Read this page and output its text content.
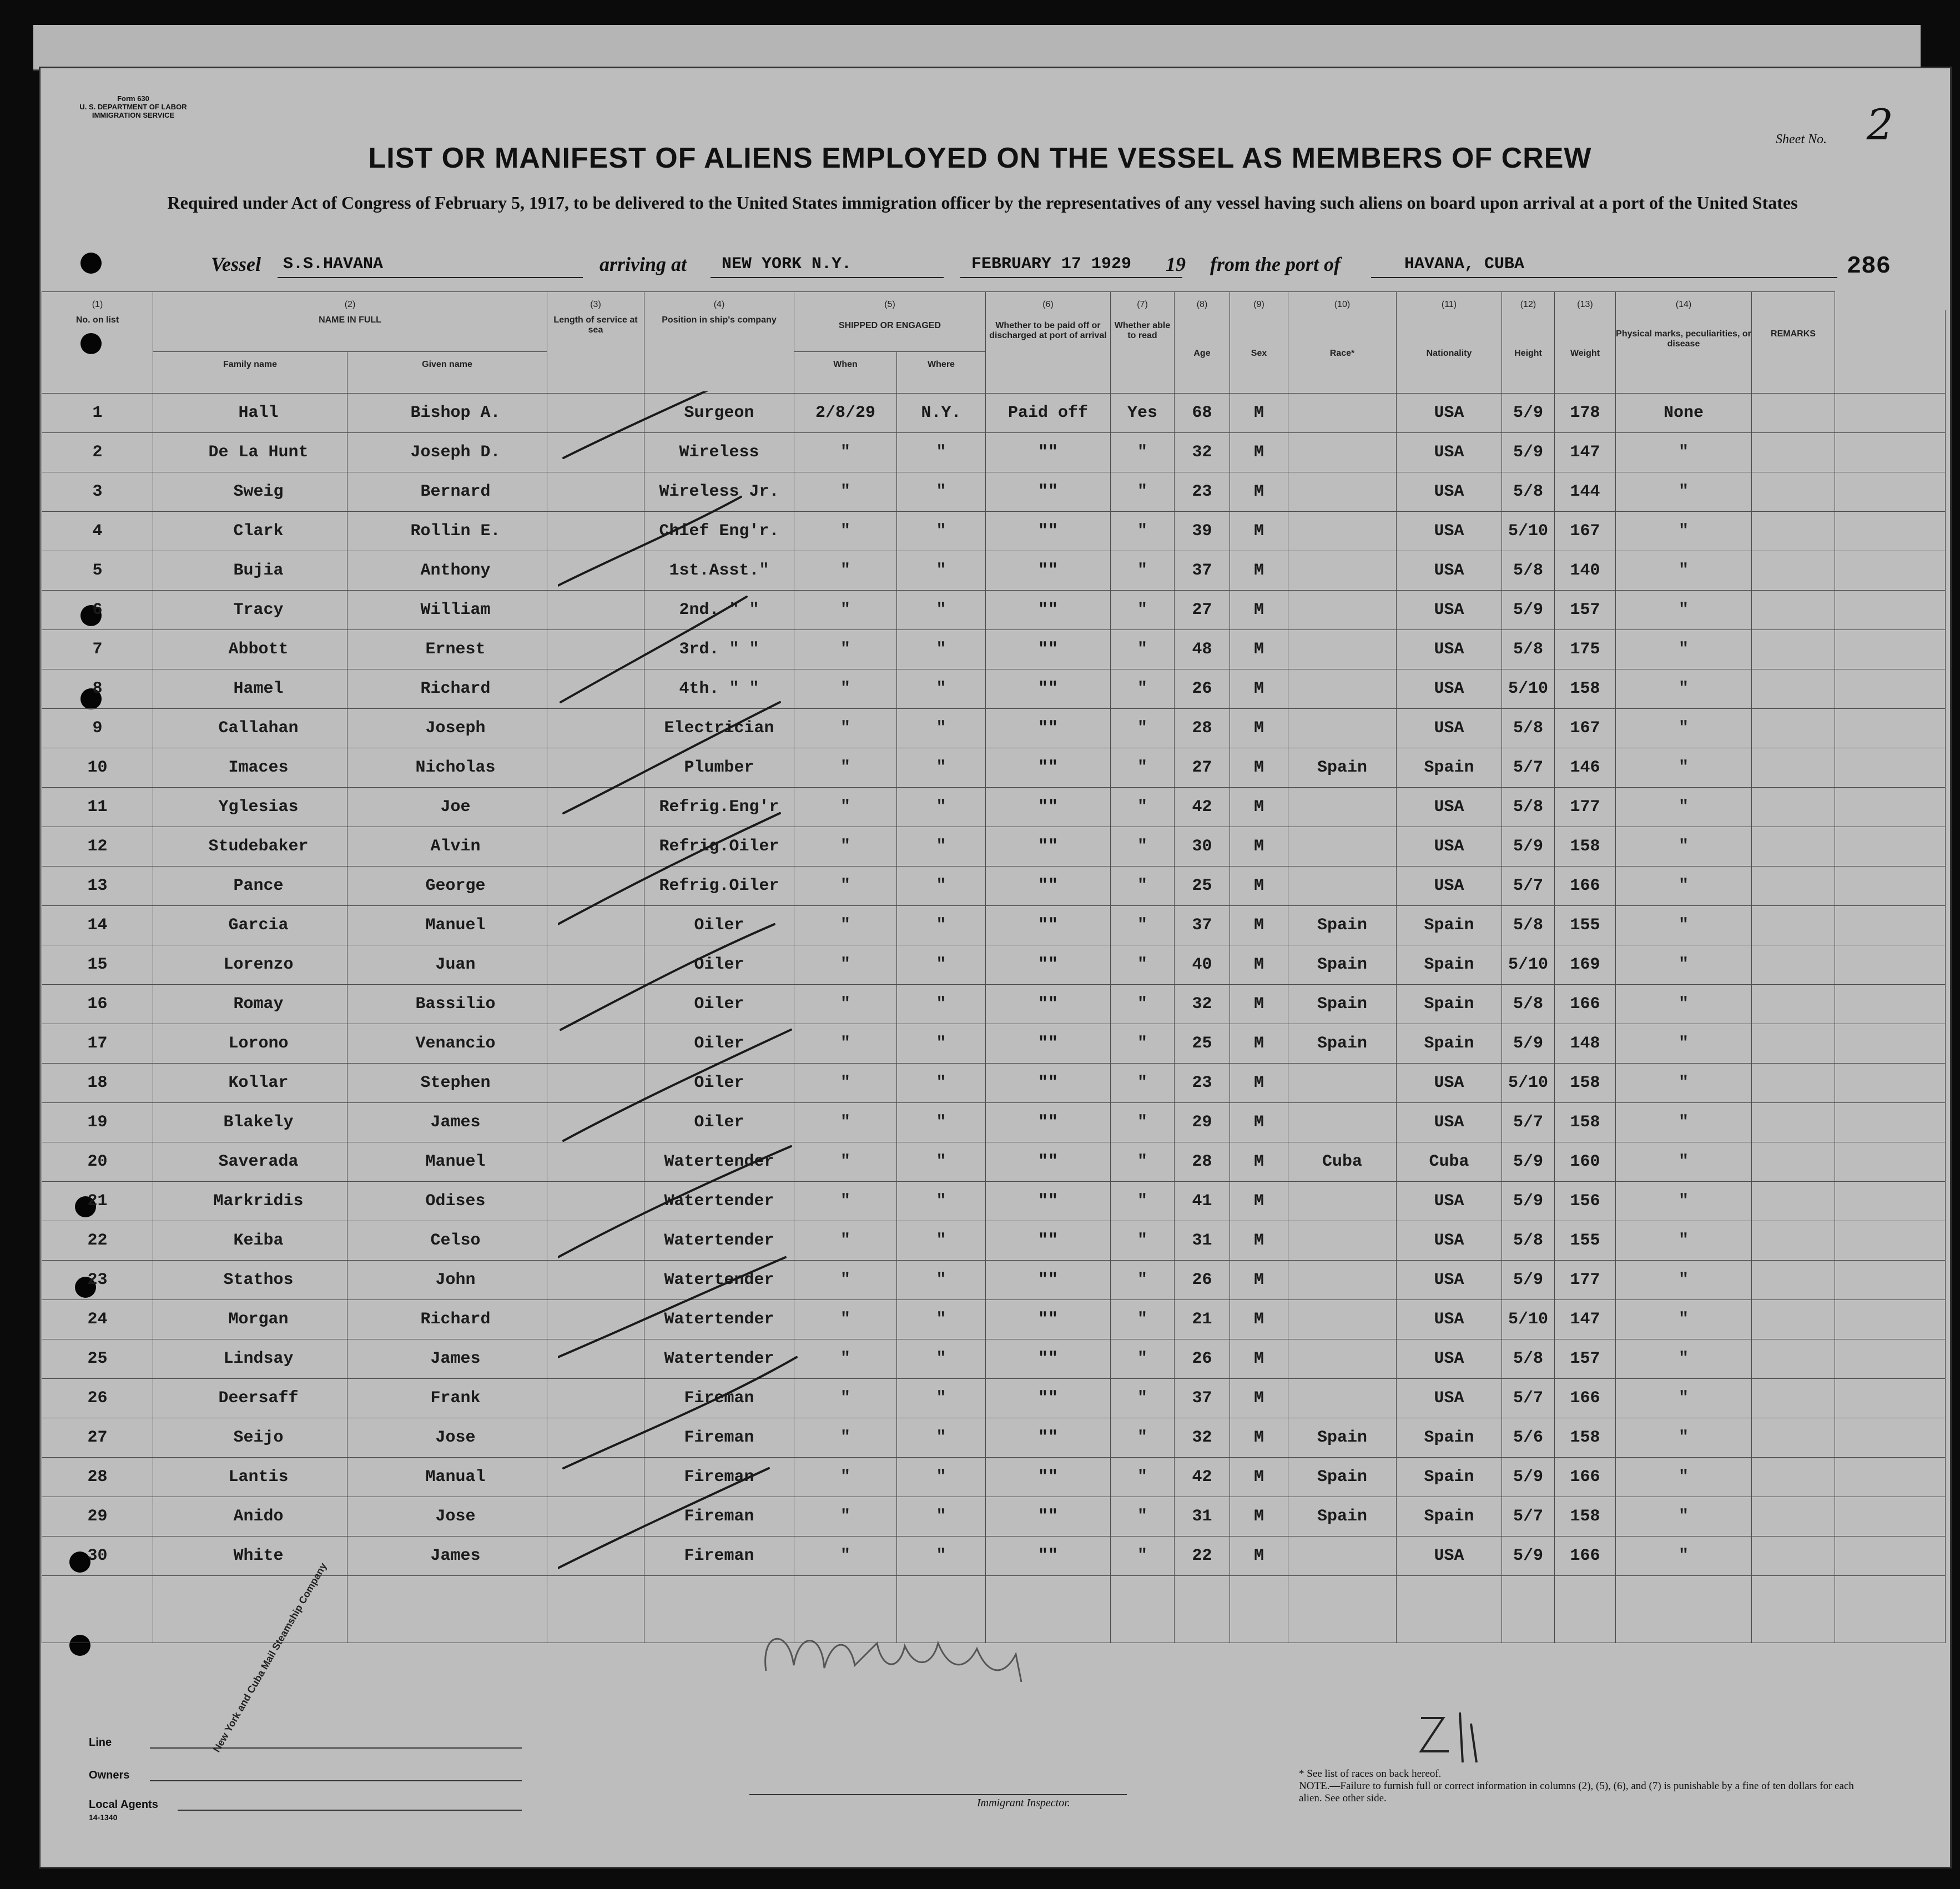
Form 630
U. S. DEPARTMENT OF LABOR
IMMIGRATION SERVICE
Sheet No. 2
LIST OR MANIFEST OF ALIENS EMPLOYED ON THE VESSEL AS MEMBERS OF CREW
Required under Act of Congress of February 5, 1917, to be delivered to the United States immigration officer by the representatives of any vessel having such aliens on board upon arrival at a port of the United States
Vessel S.S.HAVANA	arriving at NEW YORK N.Y.	FEBRUARY 17 1929 19 from the port of	HAVANA, CUBA	286
(1)	(2)		(3)	(4)	(5)		(6)	(7)	(8)	(9)	(10)	(11)	(12)	(13)	(14)		
No. on list	NAME IN FULL		Length of service at sea	Position in ship's company	SHIPPED OR ENGAGED		Whether to be paid off or discharged at port of arrival	Whether able to read	Age	Sex	Race*	Nationality	Height	Weight	Physical marks, peculiarities, or disease	REMARKS	
	Family name	Given name			When	Where											
1	Hall	Bishop A.		Surgeon	2/8/29	N.Y.	Paid off	Yes	68	M		USA	5/9	178	None		
2	De La Hunt	Joseph D.		Wireless	"	"	""	"	32	M		USA	5/9	147	"		
3	Sweig	Bernard		Wireless Jr.	"	"	""	"	23	M		USA	5/8	144	"		
4	Clark	Rollin E.		Chief Eng'r.	"	"	""	"	39	M		USA	5/10	167	"		
5	Bujia	Anthony		1st.Asst."	"	"	""	"	37	M		USA	5/8	140	"		
6	Tracy	William		2nd. " "	"	"	""	"	27	M		USA	5/9	157	"		
7	Abbott	Ernest		3rd. " "	"	"	""	"	48	M		USA	5/8	175	"		
8	Hamel	Richard		4th. " "	"	"	""	"	26	M		USA	5/10	158	"		
9	Callahan	Joseph		Electrician	"	"	""	"	28	M		USA	5/8	167	"		
10	Imaces	Nicholas		Plumber	"	"	""	"	27	M	Spain	Spain	5/7	146	"		
11	Yglesias	Joe		Refrig.Eng'r	"	"	""	"	42	M		USA	5/8	177	"		
12	Studebaker	Alvin		Refrig.Oiler	"	"	""	"	30	M		USA	5/9	158	"		
13	Pance	George		Refrig.Oiler	"	"	""	"	25	M		USA	5/7	166	"		
14	Garcia	Manuel		Oiler	"	"	""	"	37	M	Spain	Spain	5/8	155	"		
15	Lorenzo	Juan		Oiler	"	"	""	"	40	M	Spain	Spain	5/10	169	"		
16	Romay	Bassilio		Oiler	"	"	""	"	32	M	Spain	Spain	5/8	166	"		
17	Lorono	Venancio		Oiler	"	"	""	"	25	M	Spain	Spain	5/9	148	"		
18	Kollar	Stephen		Oiler	"	"	""	"	23	M		USA	5/10	158	"		
19	Blakely	James		Oiler	"	"	""	"	29	M		USA	5/7	158	"		
20	Saverada	Manuel		Watertender	"	"	""	"	28	M	Cuba	Cuba	5/9	160	"		
21	Markridis	Odises		Watertender	"	"	""	"	41	M		USA	5/9	156	"		
22	Keiba	Celso		Watertender	"	"	""	"	31	M		USA	5/8	155	"		
23	Stathos	John		Watertender	"	"	""	"	26	M		USA	5/9	177	"		
24	Morgan	Richard		Watertender	"	"	""	"	21	M		USA	5/10	147	"		
25	Lindsay	James		Watertender	"	"	""	"	26	M		USA	5/8	157	"		
26	Deersaff	Frank		Fireman	"	"	""	"	37	M		USA	5/7	166	"		
27	Seijo	Jose		Fireman	"	"	""	"	32	M	Spain	Spain	5/6	158	"		
28	Lantis	Manual		Fireman	"	"	""	"	42	M	Spain	Spain	5/9	166	"		
29	Anido	Jose		Fireman	"	"	""	"	31	M	Spain	Spain	5/7	158	"		
30	White	James		Fireman	"	"	""	"	22	M		USA	5/9	166	"		

Line
Owners
Local Agents
14-1340
New York and Cuba Mail Steamship Company
Immigrant Inspector.
* See list of races on back hereof.
NOTE.—Failure to furnish full or correct information in columns (2), (5), (6), and (7) is punishable by a fine of ten dollars for each alien. See other side.
